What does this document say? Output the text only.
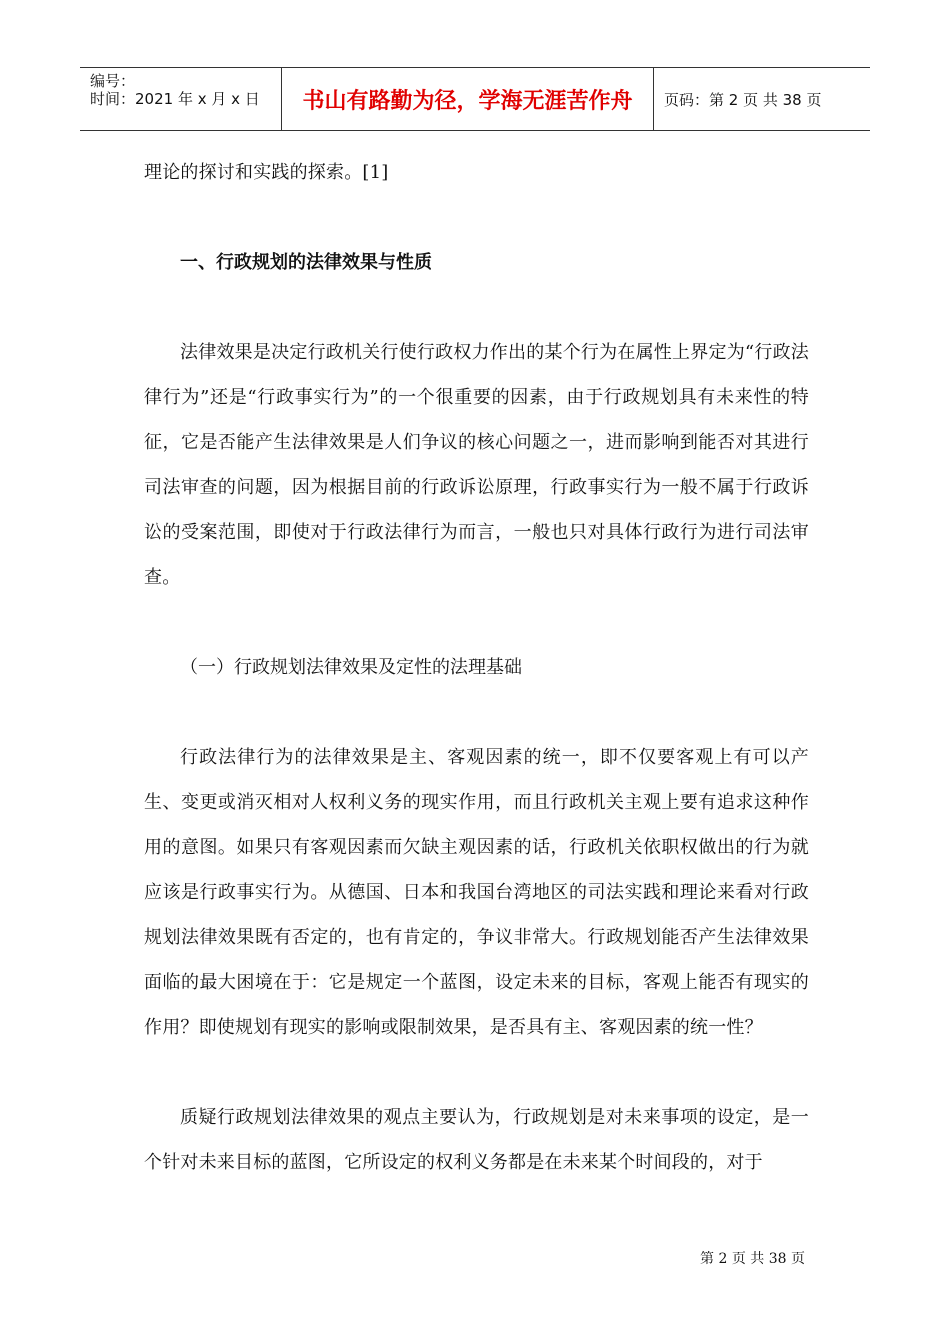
编号：
时间：2021 年 x 月 x 日	书山有路勤为径，学海无涯苦作舟	页码：第 2 页 共 38 页

理论的探讨和实践的探索。[1]

一、行政规划的法律效果与性质

法律效果是决定行政机关行使行政权力作出的某个行为在属性上界定为“行政法律行为”还是“行政事实行为”的一个很重要的因素，由于行政规划具有未来性的特征，它是否能产生法律效果是人们争议的核心问题之一，进而影响到能否对其进行司法审查的问题，因为根据目前的行政诉讼原理，行政事实行为一般不属于行政诉讼的受案范围，即使对于行政法律行为而言，一般也只对具体行政行为进行司法审查。

（一）行政规划法律效果及定性的法理基础

行政法律行为的法律效果是主、客观因素的统一，即不仅要客观上有可以产生、变更或消灭相对人权利义务的现实作用，而且行政机关主观上要有追求这种作用的意图。如果只有客观因素而欠缺主观因素的话，行政机关依职权做出的行为就应该是行政事实行为。从德国、日本和我国台湾地区的司法实践和理论来看对行政规划法律效果既有否定的，也有肯定的，争议非常大。行政规划能否产生法律效果面临的最大困境在于：它是规定一个蓝图，设定未来的目标，客观上能否有现实的作用？即使规划有现实的影响或限制效果，是否具有主、客观因素的统一性？

质疑行政规划法律效果的观点主要认为，行政规划是对未来事项的设定，是一个针对未来目标的蓝图，它所设定的权利义务都是在未来某个时间段的，对于

第 2 页 共 38 页
